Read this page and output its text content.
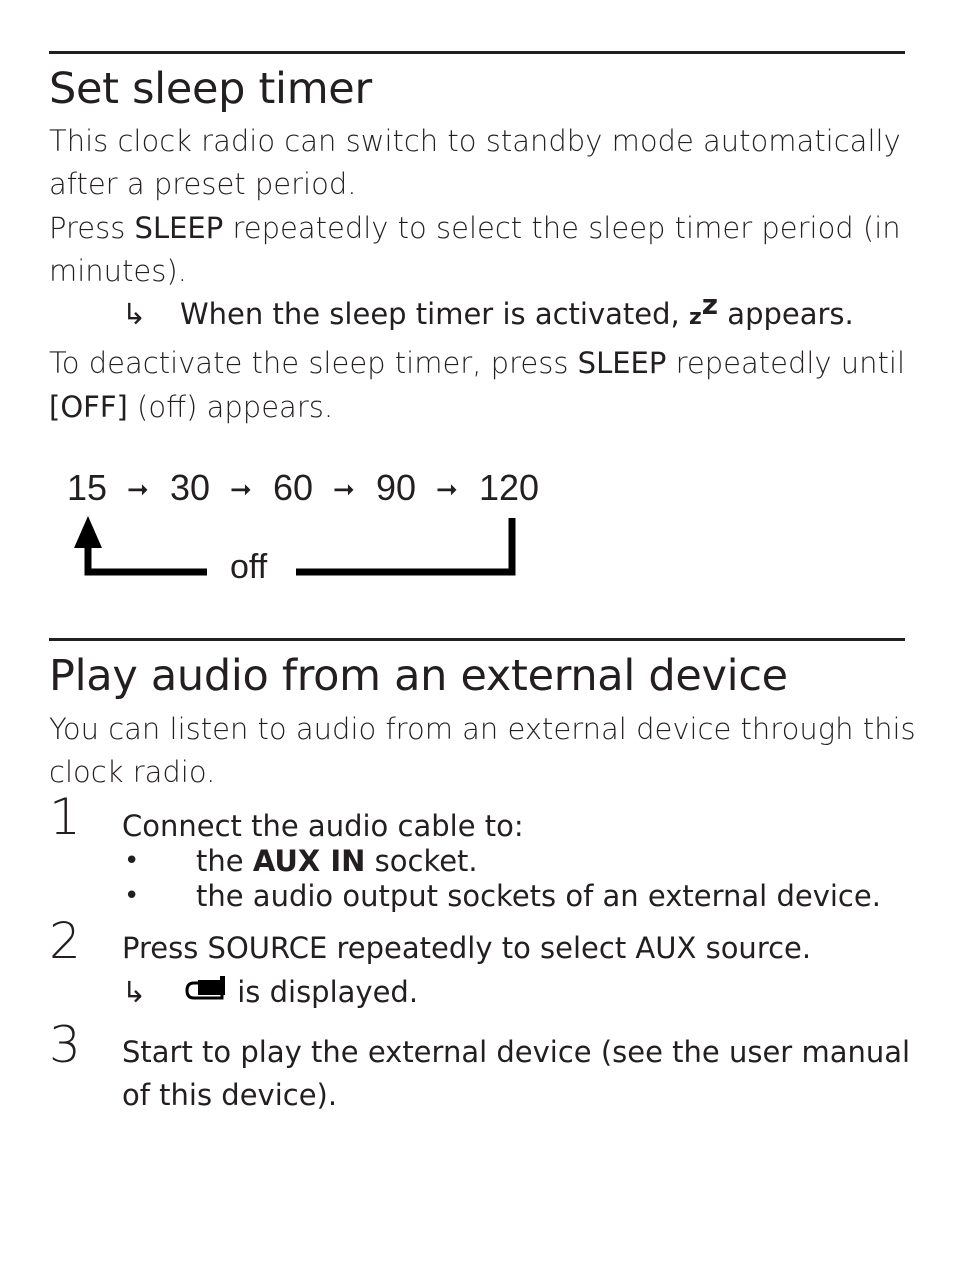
Set sleep timer

This clock radio can switch to standby mode automatically

after a preset period.

Press SLEEP repeatedly to select the sleep timer period (in

minutes).

↳ When the sleep timer is activated, zz appears.

To deactivate the sleep timer, press SLEEP repeatedly until

[OFF] (off) appears.

15 ➞ 30 ➞ 60 ➞ 90 ➞ 120
off
Play audio from an external device

You can listen to audio from an external device through this

clock radio.

1 Connect the audio cable to:
• the AUX IN socket.
• the audio output sockets of an external device.
2 Press SOURCE repeatedly to select AUX source.
↳	is displayed.
3 Start to play the external device (see the user manual
of this device).
